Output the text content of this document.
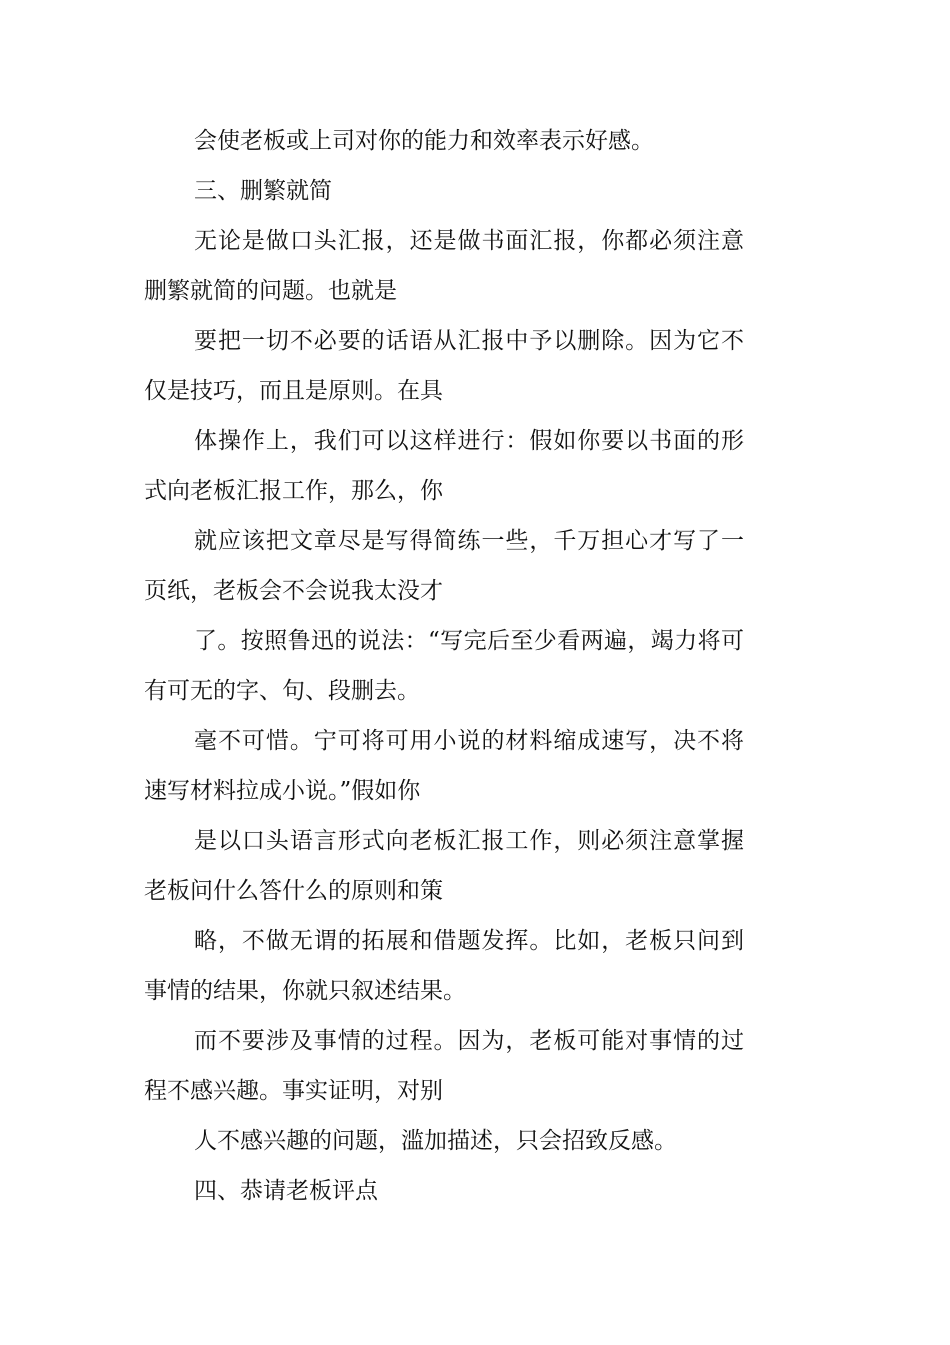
会使老板或上司对你的能力和效率表示好感。

三、删繁就简

无论是做口头汇报，还是做书面汇报，你都必须注意删繁就简的问题。也就是

要把一切不必要的话语从汇报中予以删除。因为它不仅是技巧，而且是原则。在具

体操作上，我们可以这样进行：假如你要以书面的形式向老板汇报工作，那么，你

就应该把文章尽是写得简练一些，千万担心才写了一页纸，老板会不会说我太没才

了。按照鲁迅的说法：“写完后至少看两遍，竭力将可有可无的字、句、段删去。

毫不可惜。宁可将可用小说的材料缩成速写，决不将速写材料拉成小说。”假如你

是以口头语言形式向老板汇报工作，则必须注意掌握老板问什么答什么的原则和策

略，不做无谓的拓展和借题发挥。比如，老板只问到事情的结果，你就只叙述结果。

而不要涉及事情的过程。因为，老板可能对事情的过程不感兴趣。事实证明，对别

人不感兴趣的问题，滥加描述，只会招致反感。

四、恭请老板评点
